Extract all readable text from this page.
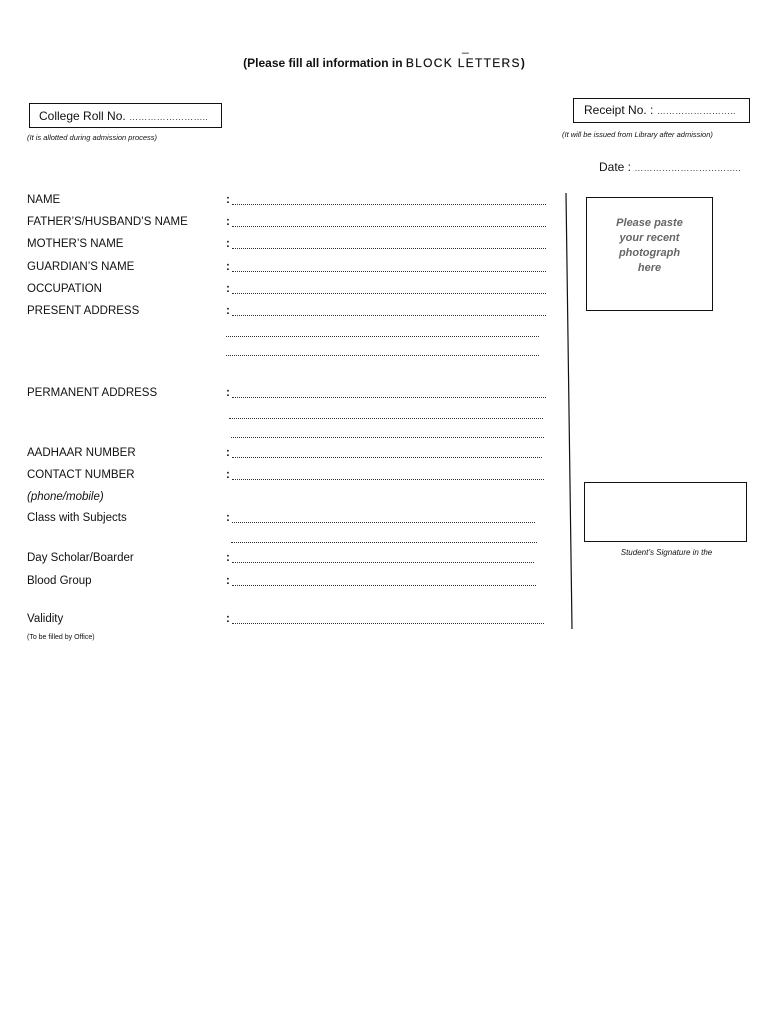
_
(Please fill all information in BLOCK LETTERS)
College Roll No. ……………………..
(It is allotted during admission process)
Receipt No. : ……………………..
(It will be issued from Library after admission)
Date : ……………………………..
NAME
FATHER’S/HUSBAND’S NAME
MOTHER’S NAME
GUARDIAN’S NAME
OCCUPATION
PRESENT ADDRESS
PERMANENT ADDRESS
AADHAAR NUMBER
CONTACT NUMBER
(phone/mobile)
Class with Subjects
Day Scholar/Boarder
Blood Group
Validity
(To be filled by Office)
:
:
:
:
:
:
:
:
:
:
:
:
:
Please paste
your recent
photograph
here
Student’s Signature in the
